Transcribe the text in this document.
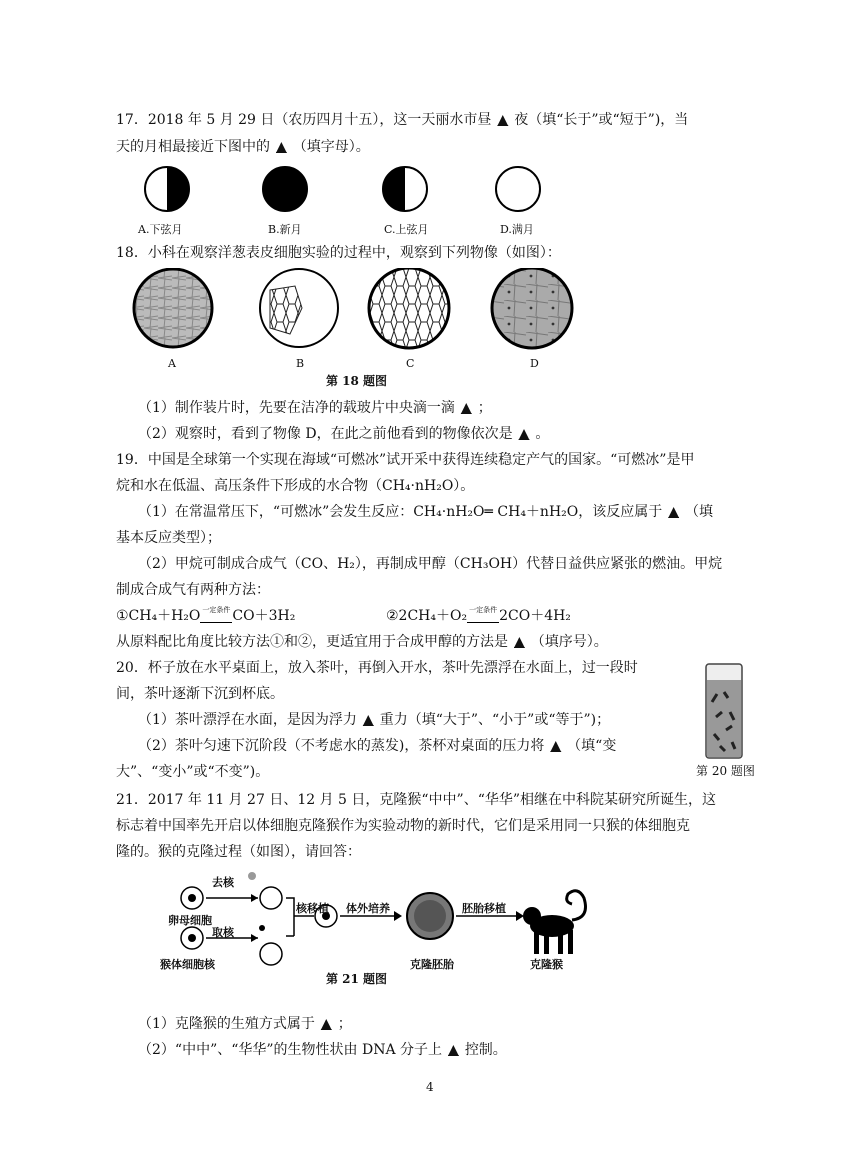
17．2018 年 5 月 29 日（农历四月十五），这一天丽水市昼 ▲ 夜（填“长于”或“短于”)，当
天的月相最接近下图中的 ▲ （填字母）。
A.下弦月	B.新月	C.上弦月	D.满月
18．小科在观察洋葱表皮细胞实验的过程中，观察到下列物像（如图）：
A	B	C	D
第 18 题图
（1）制作装片时，先要在洁净的载玻片中央滴一滴 ▲ ；
（2）观察时，看到了物像 D，在此之前他看到的物像依次是 ▲ 。
19．中国是全球第一个实现在海域“可燃冰”试开采中获得连续稳定产气的国家。“可燃冰”是甲
烷和水在低温、高压条件下形成的水合物（CH₄·nH₂O）。
（1）在常温常压下，“可燃冰”会发生反应：CH₄·nH₂O═ CH₄＋nH₂O，该反应属于 ▲ （填
基本反应类型）；
（2）甲烷可制成合成气（CO、H₂），再制成甲醇（CH₃OH）代替日益供应紧张的燃油。甲烷
制成合成气有两种方法：
①CH₄＋H₂O $^{一定条件}$ CO＋3H₂	②2CH₄＋O₂ $^{一定条件}$ 2CO＋4H₂
从原料配比角度比较方法①和②，更适宜用于合成甲醇的方法是 ▲ （填序号）。
20．杯子放在水平桌面上，放入茶叶，再倒入开水，茶叶先漂浮在水面上，过一段时
间，茶叶逐渐下沉到杯底。
（1）茶叶漂浮在水面，是因为浮力 ▲ 重力（填“大于”、“小于”或“等于”)；
（2）茶叶匀速下沉阶段（不考虑水的蒸发)，茶杯对桌面的压力将 ▲ （填“变
大”、“变小”或“不变”)。	第 20 题图
21．2017 年 11 月 27 日、12 月 5 日，克隆猴“中中”、“华华”相继在中科院某研究所诞生，这
标志着中国率先开启以体细胞克隆猴作为实验动物的新时代，它们是采用同一只猴的体细胞克
隆的。猴的克隆过程（如图），请回答：
去核
卵母细胞
取核
猴体细胞核
核移植 体外培养	胚胎移植
克隆胚胎	克隆猴
第 21 题图
（1）克隆猴的生殖方式属于 ▲ ；
（2）“中中”、“华华”的生物性状由 DNA 分子上 ▲ 控制。
4
